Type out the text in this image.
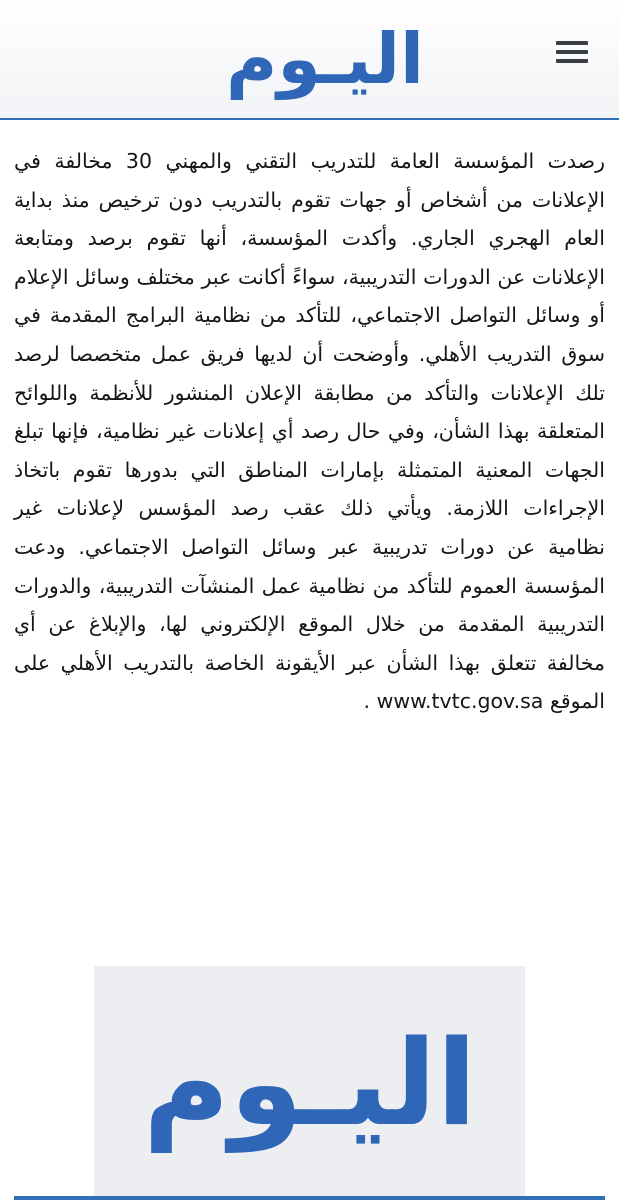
اليـوم
رصدت المؤسسة العامة للتدريب التقني والمهني 30 مخالفة في الإعلانات من أشخاص أو جهات تقوم بالتدريب دون ترخيص منذ بداية العام الهجري الجاري. وأكدت المؤسسة، أنها تقوم برصد ومتابعة الإعلانات عن الدورات التدريبية، سواءً أكانت عبر مختلف وسائل الإعلام أو وسائل التواصل الاجتماعي، للتأكد من نظامية البرامج المقدمة في سوق التدريب الأهلي. وأوضحت أن لديها فريق عمل متخصصا لرصد تلك الإعلانات والتأكد من مطابقة الإعلان المنشور للأنظمة واللوائح المتعلقة بهذا الشأن، وفي حال رصد أي إعلانات غير نظامية، فإنها تبلغ الجهات المعنية المتمثلة بإمارات المناطق التي بدورها تقوم باتخاذ الإجراءات اللازمة. ويأتي ذلك عقب رصد المؤسس لإعلانات غير نظامية عن دورات تدريبية عبر وسائل التواصل الاجتماعي. ودعت المؤسسة العموم للتأكد من نظامية عمل المنشآت التدريبية، والدورات التدريبية المقدمة من خلال الموقع الإلكتروني لها، والإبلاغ عن أي مخالفة تتعلق بهذا الشأن عبر الأيقونة الخاصة بالتدريب الأهلي على الموقع www.tvtc.gov.sa .
اليـوم
